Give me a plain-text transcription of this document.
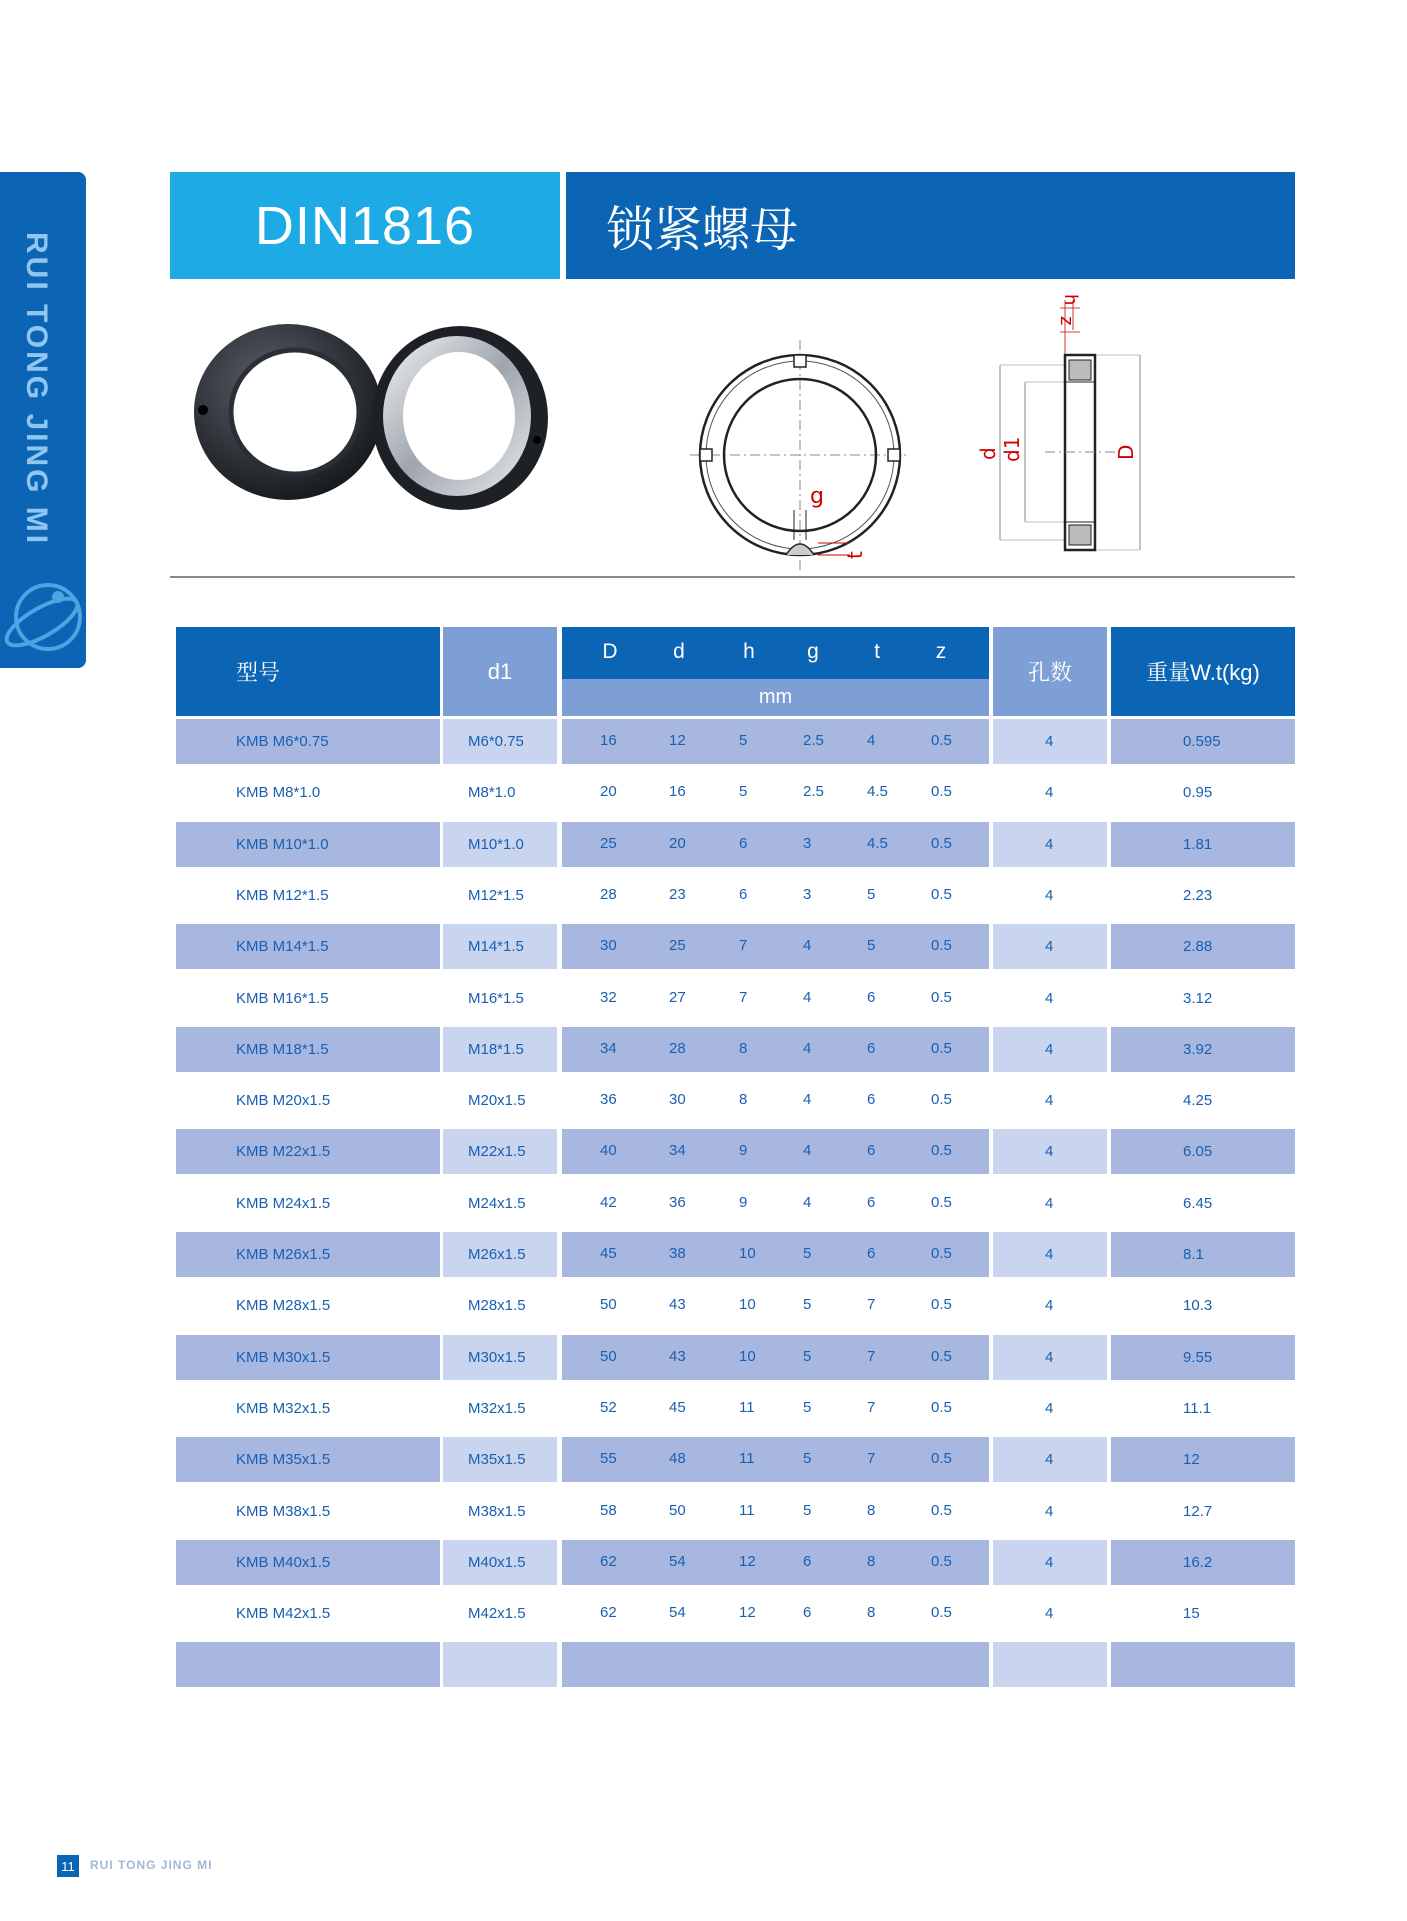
RUI TONG JING MI
DIN1816	锁紧螺母
g
t
h
z
d d1	D
型号	d1
mm
孔数	重量W.t(kg)
D	d	h	g	t	z
KMB M6*0.75	M6*0.75	16	12	5	2.5	4	0.5	4	0.595
KMB M8*1.0	M8*1.0	20	16	5	2.5	4.5	0.5	4	0.95
KMB M10*1.0	M10*1.0	25	20	6	3	4.5	0.5	4	1.81
KMB M12*1.5	M12*1.5	28	23	6	3	5	0.5	4	2.23
KMB M14*1.5	M14*1.5	30	25	7	4	5	0.5	4	2.88
KMB M16*1.5	M16*1.5	32	27	7	4	6	0.5	4	3.12
KMB M18*1.5	M18*1.5	34	28	8	4	6	0.5	4	3.92
KMB M20x1.5	M20x1.5	36	30	8	4	6	0.5	4	4.25
KMB M22x1.5	M22x1.5	40	34	9	4	6	0.5	4	6.05
KMB M24x1.5	M24x1.5	42	36	9	4	6	0.5	4	6.45
KMB M26x1.5	M26x1.5	45	38	10	5	6	0.5	4	8.1
KMB M28x1.5	M28x1.5	50	43	10	5	7	0.5	4	10.3
KMB M30x1.5	M30x1.5	50	43	10	5	7	0.5	4	9.55
KMB M32x1.5	M32x1.5	52	45	11	5	7	0.5	4	11.1
KMB M35x1.5	M35x1.5	55	48	11	5	7	0.5	4	12
KMB M38x1.5	M38x1.5	58	50	11	5	8	0.5	4	12.7
KMB M40x1.5	M40x1.5	62	54	12	6	8	0.5	4	16.2
KMB M42x1.5	M42x1.5	62	54	12	6	8	0.5	4	15
11	RUI TONG JING MI
